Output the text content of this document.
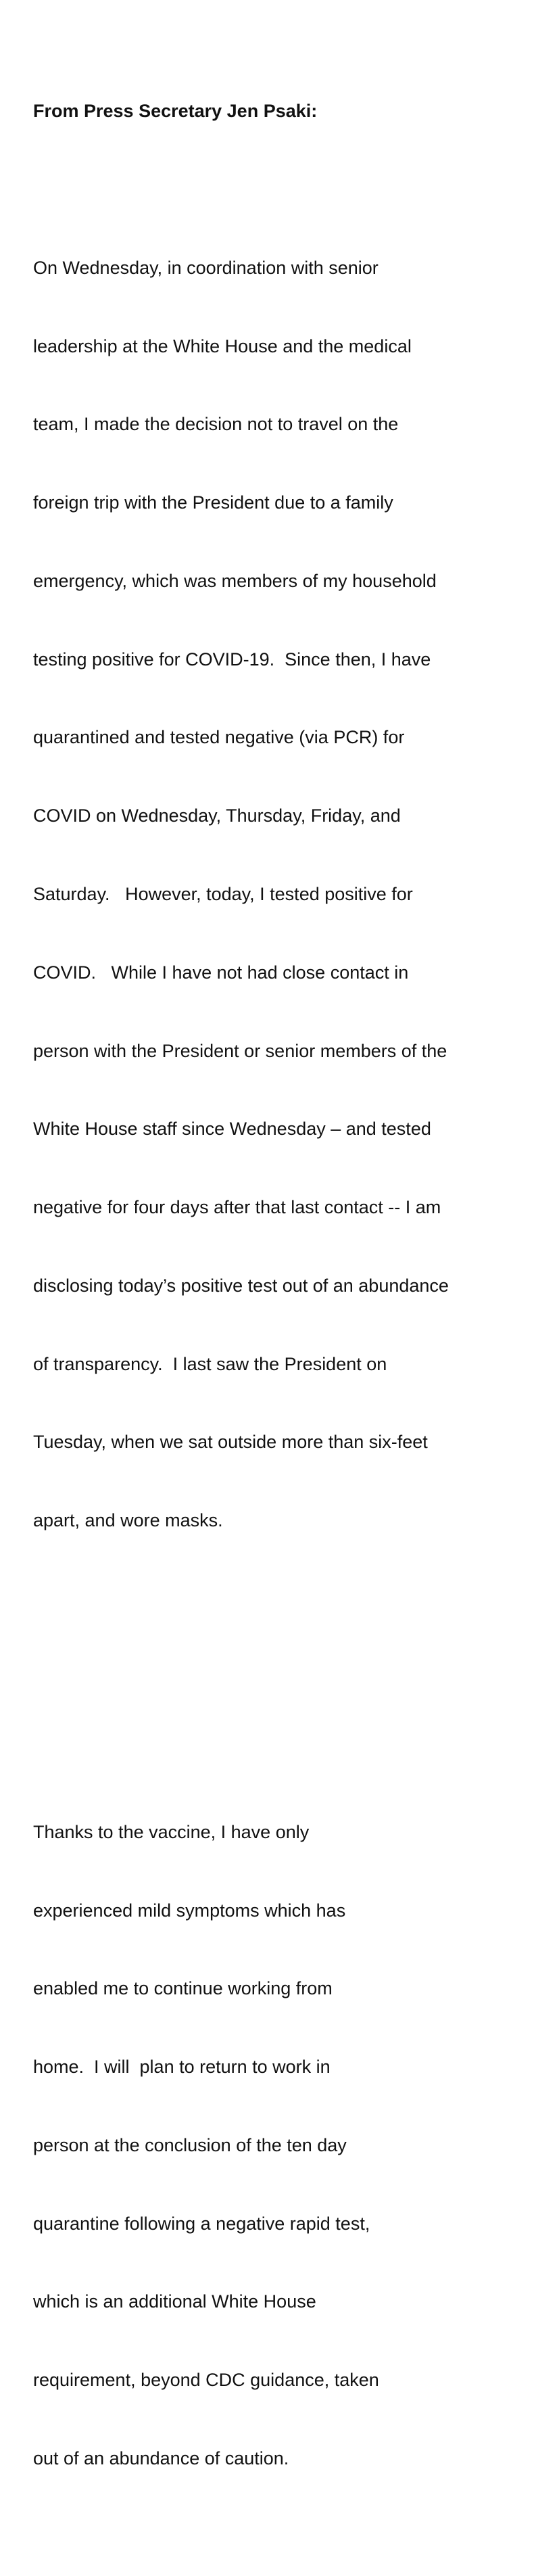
From Press Secretary Jen Psaki:

On Wednesday, in coordination with senior

leadership at the White House and the medical

team, I made the decision not to travel on the

foreign trip with the President due to a family

emergency, which was members of my household

testing positive for COVID-19.  Since then, I have

quarantined and tested negative (via PCR) for

COVID on Wednesday, Thursday, Friday, and

Saturday.   However, today, I tested positive for

COVID.   While I have not had close contact in

person with the President or senior members of the

White House staff since Wednesday – and tested

negative for four days after that last contact -- I am

disclosing today’s positive test out of an abundance

of transparency.  I last saw the President on

Tuesday, when we sat outside more than six-feet

apart, and wore masks.

Thanks to the vaccine, I have only

experienced mild symptoms which has

enabled me to continue working from

home.  I will  plan to return to work in

person at the conclusion of the ten day

quarantine following a negative rapid test,

which is an additional White House

requirement, beyond CDC guidance, taken

out of an abundance of caution.
